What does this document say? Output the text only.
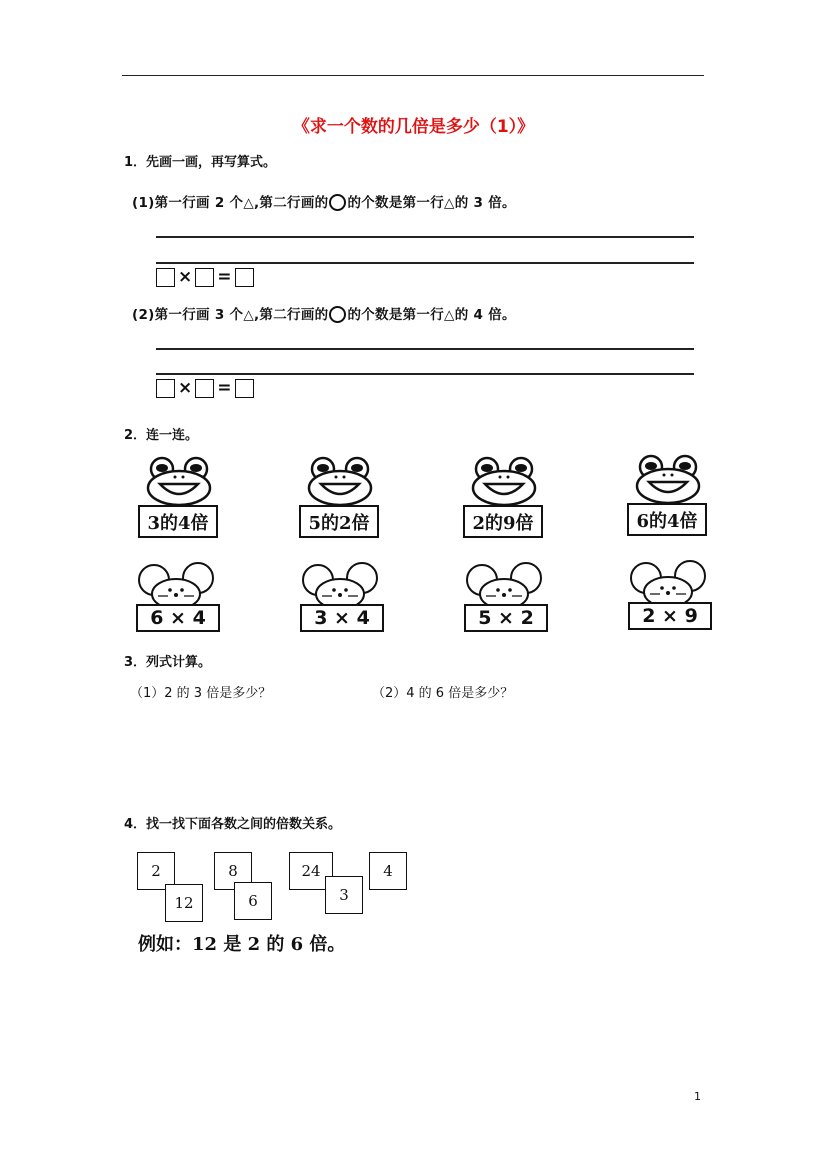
《求一个数的几倍是多少（1）》
1．先画一画，再写算式。
(1)第一行画 2 个△,第二行画的 的个数是第一行△的 3 倍。
× =
(2)第一行画 3 个△,第二行画的 的个数是第一行△的 4 倍。
× =
2．连一连。
3的4倍	5的2倍	2的9倍	6的4倍
6 × 4	3 × 4	5 × 2	2 × 9
3．列式计算。
（1）2 的 3 倍是多少？	（2）4 的 6 倍是多少？
4．找一找下面各数之间的倍数关系。
2
12
8
6
24
3
4
例如：12 是 2 的 6 倍。
1
